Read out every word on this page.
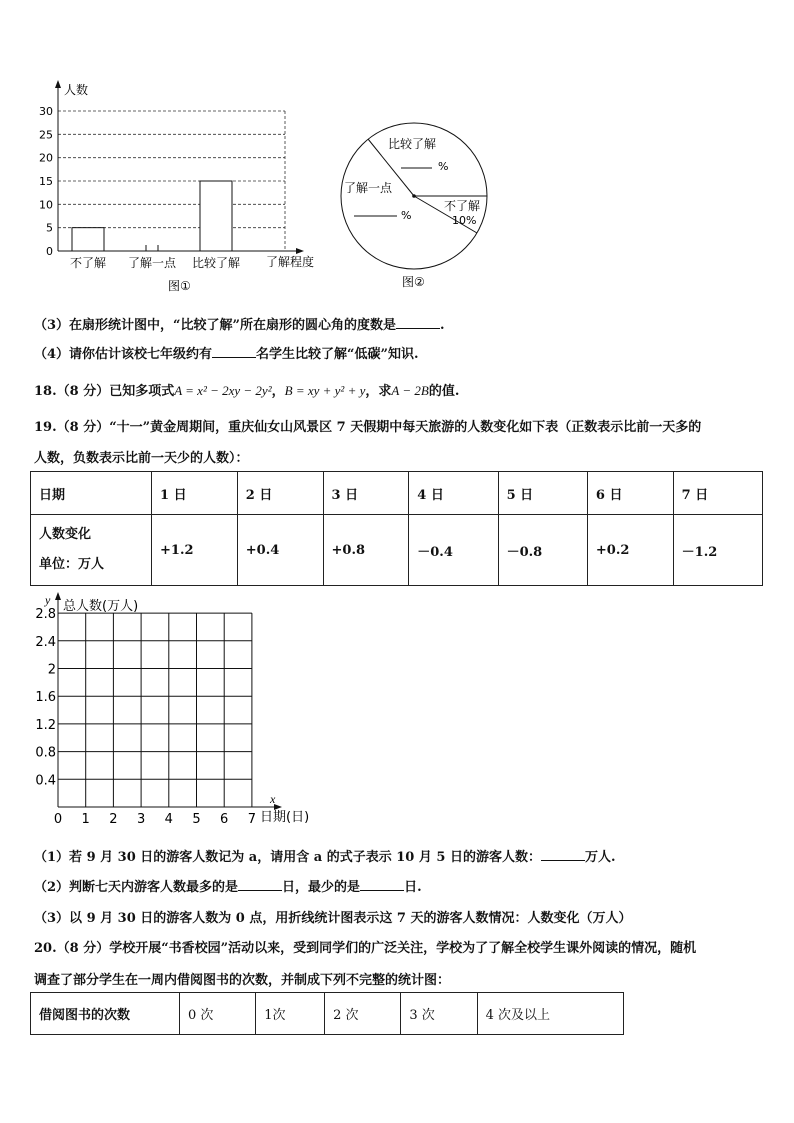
人数
0
5
10
15
20
25
30
不了解 了解一点 比较了解 了解程度
图①
比较了解
%
了解一点
%
不了解
10%
图②
（3）在扇形统计图中，“比较了解”所在扇形的圆心角的度数是	.
（4）请你估计该校七年级约有	名学生比较了解“低碳”知识.
18.（8 分）已知多项式A = x² − 2xy − 2y²，B = xy + y² + y，求A − 2B的值.
19.（8 分）“十一”黄金周期间，重庆仙女山风景区 7 天假期中每天旅游的人数变化如下表（正数表示比前一天多的
人数，负数表示比前一天少的人数）：
日期	1 日	2 日	3 日	4 日	5 日	6 日	7 日
人数变化
单位：万人	+1.2	+0.4	+0.8	－0.4	－0.8	+0.2	－1.2
y 总人数(万人)
x
日期(日)
2.8
2.4
2
1.6
1.2
0.8
0.4
0 1 2 3 4 5 6 7
（1）若 9 月 30 日的游客人数记为 a，请用含 a 的式子表示 10 月 5 日的游客人数：	万人.
（2）判断七天内游客人数最多的是	日，最少的是	日.
（3）以 9 月 30 日的游客人数为 0 点，用折线统计图表示这 7 天的游客人数情况：人数变化（万人）
20.（8 分）学校开展“书香校园”活动以来，受到同学们的广泛关注，学校为了了解全校学生课外阅读的情况，随机
调查了部分学生在一周内借阅图书的次数，并制成下列不完整的统计图：
借阅图书的次数	0 次	1次	2 次	3 次	4 次及以上
